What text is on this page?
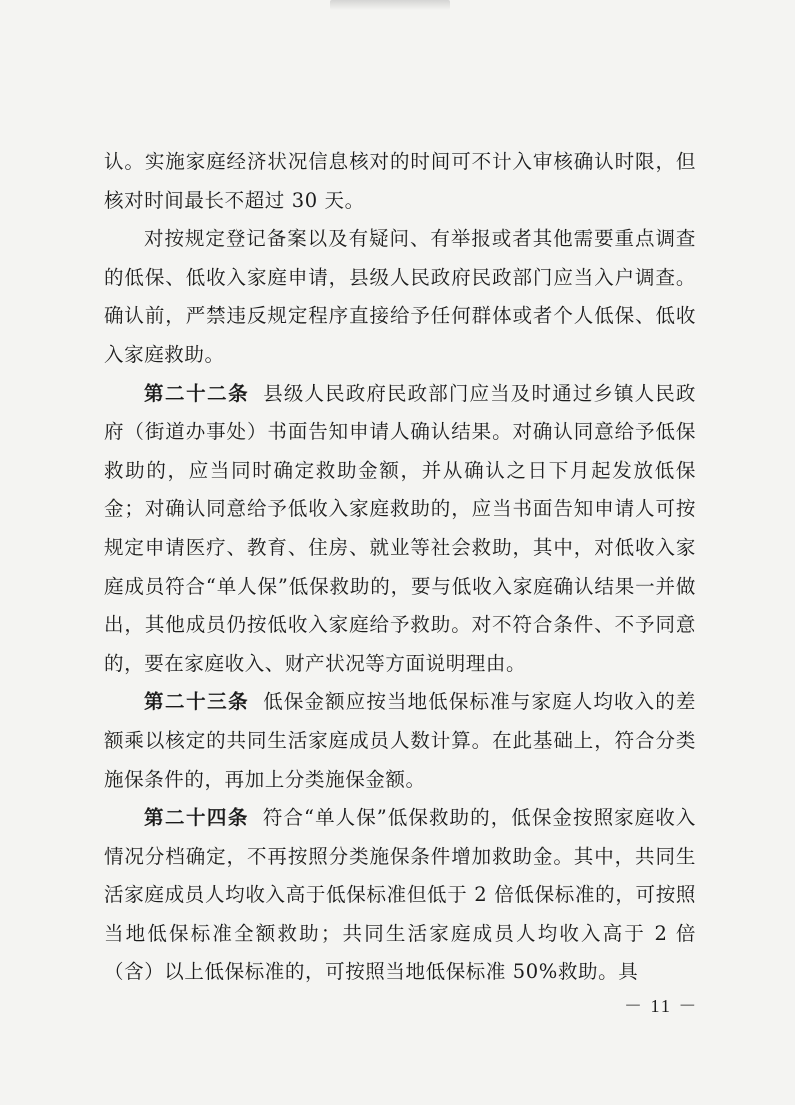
认。实施家庭经济状况信息核对的时间可不计入审核确认时限，但核对时间最长不超过 30 天。

对按规定登记备案以及有疑问、有举报或者其他需要重点调查的低保、低收入家庭申请，县级人民政府民政部门应当入户调查。确认前，严禁违反规定程序直接给予任何群体或者个人低保、低收入家庭救助。

第二十二条 县级人民政府民政部门应当及时通过乡镇人民政府（街道办事处）书面告知申请人确认结果。对确认同意给予低保救助的，应当同时确定救助金额，并从确认之日下月起发放低保金；对确认同意给予低收入家庭救助的，应当书面告知申请人可按规定申请医疗、教育、住房、就业等社会救助，其中，对低收入家庭成员符合“单人保”低保救助的，要与低收入家庭确认结果一并做出，其他成员仍按低收入家庭给予救助。对不符合条件、不予同意的，要在家庭收入、财产状况等方面说明理由。

第二十三条 低保金额应按当地低保标准与家庭人均收入的差额乘以核定的共同生活家庭成员人数计算。在此基础上，符合分类施保条件的，再加上分类施保金额。

第二十四条 符合“单人保”低保救助的，低保金按照家庭收入情况分档确定，不再按照分类施保条件增加救助金。其中，共同生活家庭成员人均收入高于低保标准但低于 2 倍低保标准的，可按照当地低保标准全额救助；共同生活家庭成员人均收入高于 2 倍（含）以上低保标准的，可按照当地低保标准 50%救助。具

－ 11 －
